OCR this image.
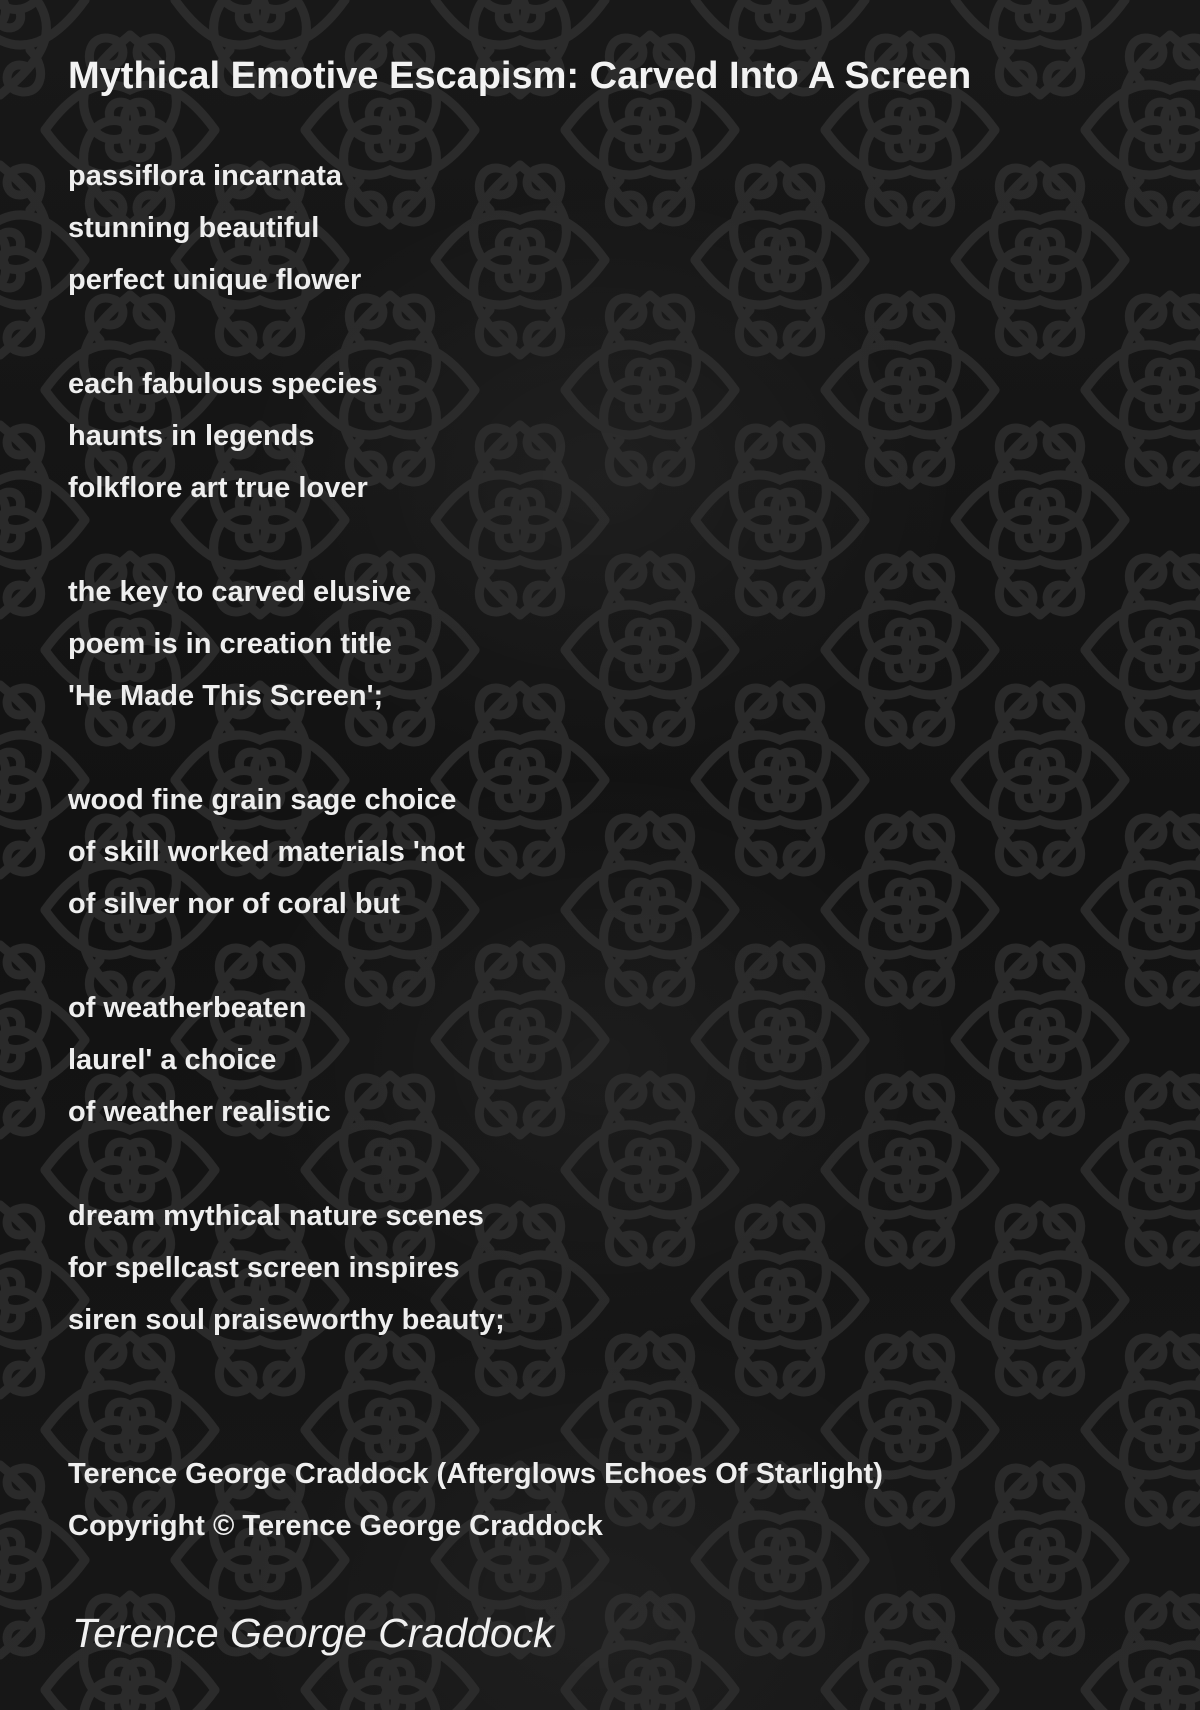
Mythical Emotive Escapism: Carved Into A Screen
passiflora incarnata
stunning beautiful
perfect unique flower
each fabulous species
haunts in legends
folkflore art true lover
the key to carved elusive
poem is in creation title
'He Made This Screen';
wood fine grain sage choice
of skill worked materials 'not
of silver nor of coral but
of weatherbeaten
laurel' a choice
of weather realistic
dream mythical nature scenes
for spellcast screen inspires
siren soul praiseworthy beauty;
Terence George Craddock (Afterglows Echoes Of Starlight)
Copyright © Terence George Craddock
Terence George Craddock
